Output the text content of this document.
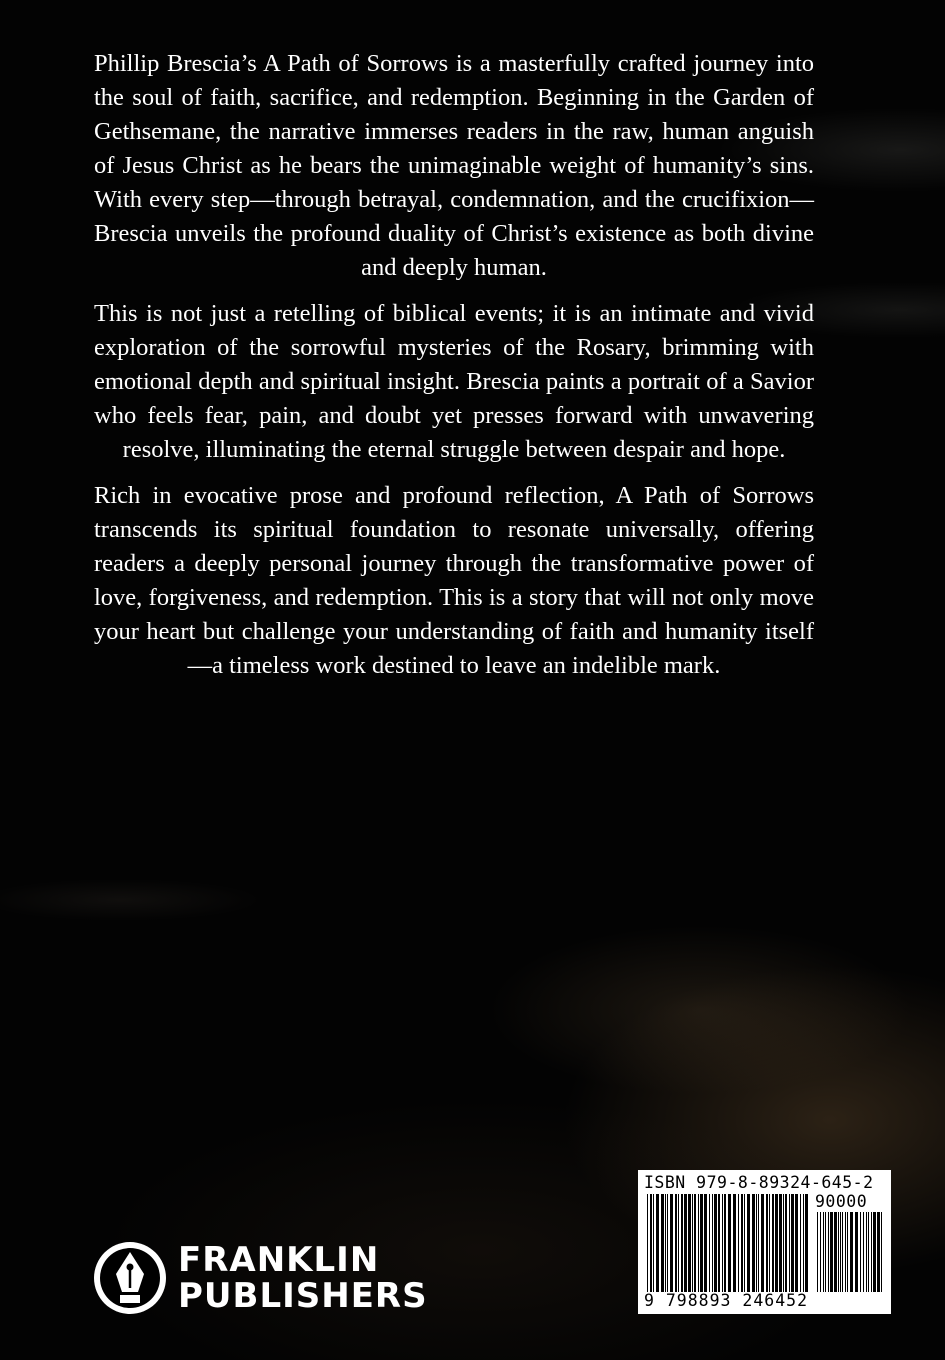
Phillip Brescia’s A Path of Sorrows is a masterfully crafted journey into the soul of faith, sacrifice, and redemption. Beginning in the Garden of Gethsemane, the narrative immerses readers in the raw, human anguish of Jesus Christ as he bears the unimaginable weight of humanity’s sins. With every step—through betrayal, condemnation, and the crucifixion—Brescia unveils the profound duality of Christ’s existence as both divine and deeply human.

This is not just a retelling of biblical events; it is an intimate and vivid exploration of the sorrowful mysteries of the Rosary, brimming with emotional depth and spiritual insight. Brescia paints a portrait of a Savior who feels fear, pain, and doubt yet presses forward with unwavering resolve, illuminating the eternal struggle between despair and hope.

Rich in evocative prose and profound reflection, A Path of Sorrows transcends its spiritual foundation to resonate universally, offering readers a deeply personal journey through the transformative power of love, forgiveness, and redemption. This is a story that will not only move your heart but challenge your understanding of faith and humanity itself—a timeless work destined to leave an indelible mark.

FRANKLIN
PUBLISHERS
ISBN 979-8-89324-645-2
90000
9 798893 246452
